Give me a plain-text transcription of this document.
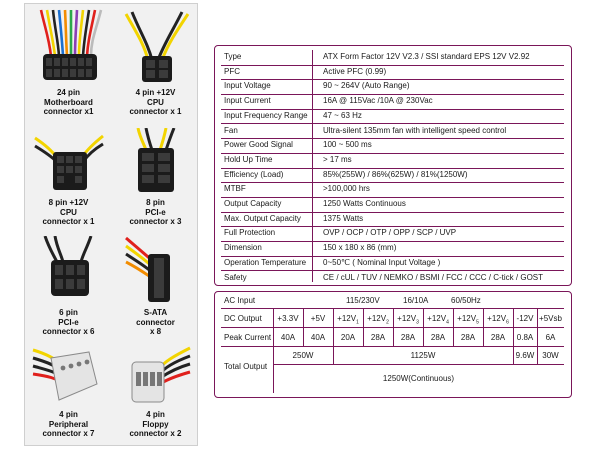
24 pin
Motherboard
connector x1
4 pin +12V
CPU
connector x 1
8 pin +12V
CPU
connector x 1
8 pin
PCI-e
connector x 3
6 pin
PCI-e
connector x 6
S-ATA
connector
x 8
4 pin
Peripheral
connector x 7
4 pin
Floppy
connector x 2
Type	ATX Form Factor 12V V2.3 / SSI standard EPS 12V V2.92
PFC	Active PFC (0.99)
Input Voltage	90 ~ 264V (Auto Range)
Input Current	16A @ 115Vac /10A @ 230Vac
Input Frequency Range 47 ~ 63 Hz
Fan	Ultra-silent 135mm fan with intelligent speed control
Power Good Signal	100 ~ 500 ms
Hold Up Time	> 17 ms
Efficiency (Load)	85%(255W) / 86%(625W) / 81%(1250W)
MTBF	>100,000 hrs
Output Capacity	1250 Watts Continuous
Max. Output Capacity	1375 Watts
Full Protection	OVP / OCP / OTP / OPP / SCP / UVP
Dimension	150 x 180 x 86 (mm)
Operation Temperature 0~50℃ ( Nominal Input Voltage )
Safety	CE / cUL / TUV / NEMKO / BSMI / FCC / CCC / C-tick / GOST
AC Input	115/230V	16/10A	60/50Hz
DC Output	+3.3V	+5V	$+12V_1$	$+12V_2$	$+12V_3$	$+12V_4$	$+12V_5$	$+12V_6$ -12V +5Vsb
Peak Current	40A	40A	20A	28A	28A	28A	28A	28A	0.8A	6A
Total Output
250W	1125W	9.6W 30W
1250W(Continuous)
